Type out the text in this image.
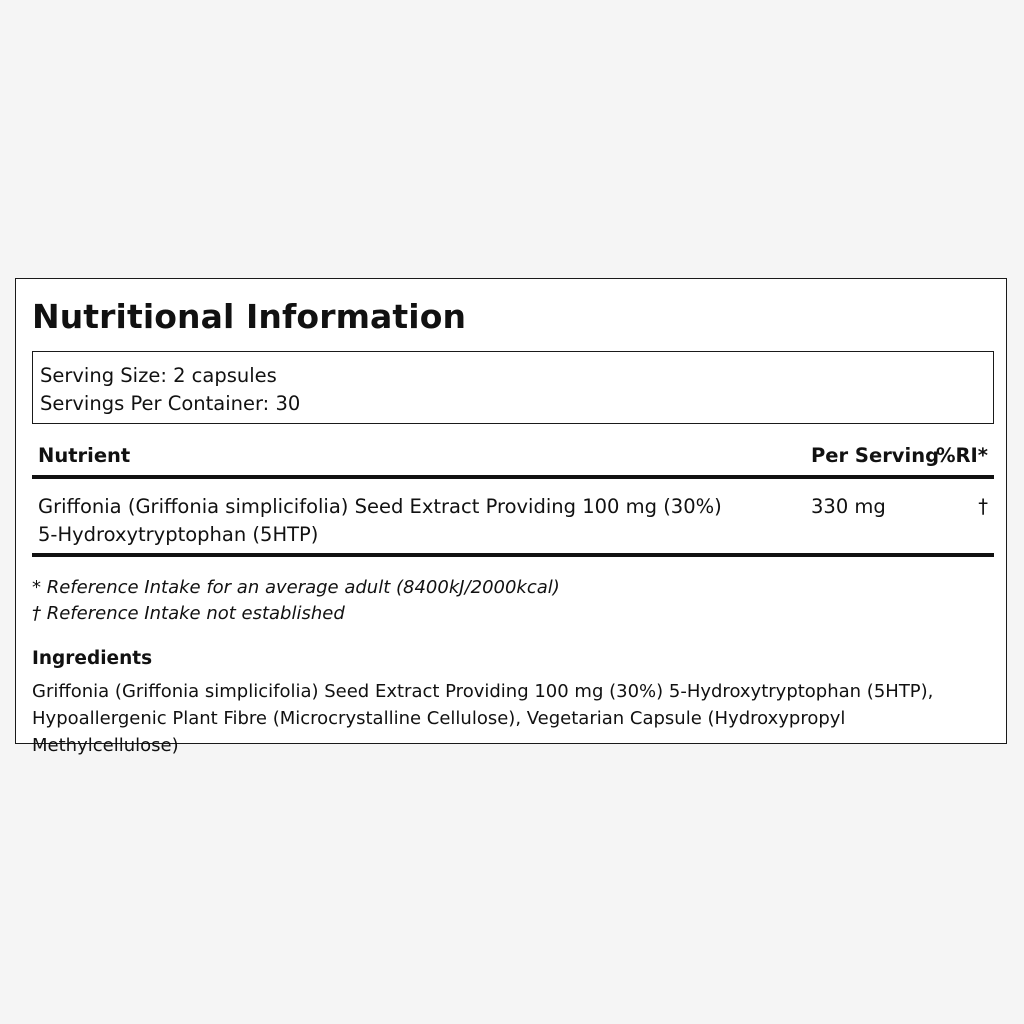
Nutritional Information
Serving Size: 2 capsules
Servings Per Container: 30
Nutrient	Per Serving
%RI*
Griffonia (Griffonia simplicifolia) Seed Extract Providing 100 mg (30%) 5-Hydroxytryptophan (5HTP)
330 mg	†
* Reference Intake for an average adult (8400kJ/2000kcal)
† Reference Intake not established
Ingredients
Griffonia (Griffonia simplicifolia) Seed Extract Providing 100 mg (30%) 5-Hydroxytryptophan (5HTP), Hypoallergenic Plant Fibre (Microcrystalline Cellulose), Vegetarian Capsule (Hydroxypropyl Methylcellulose)
